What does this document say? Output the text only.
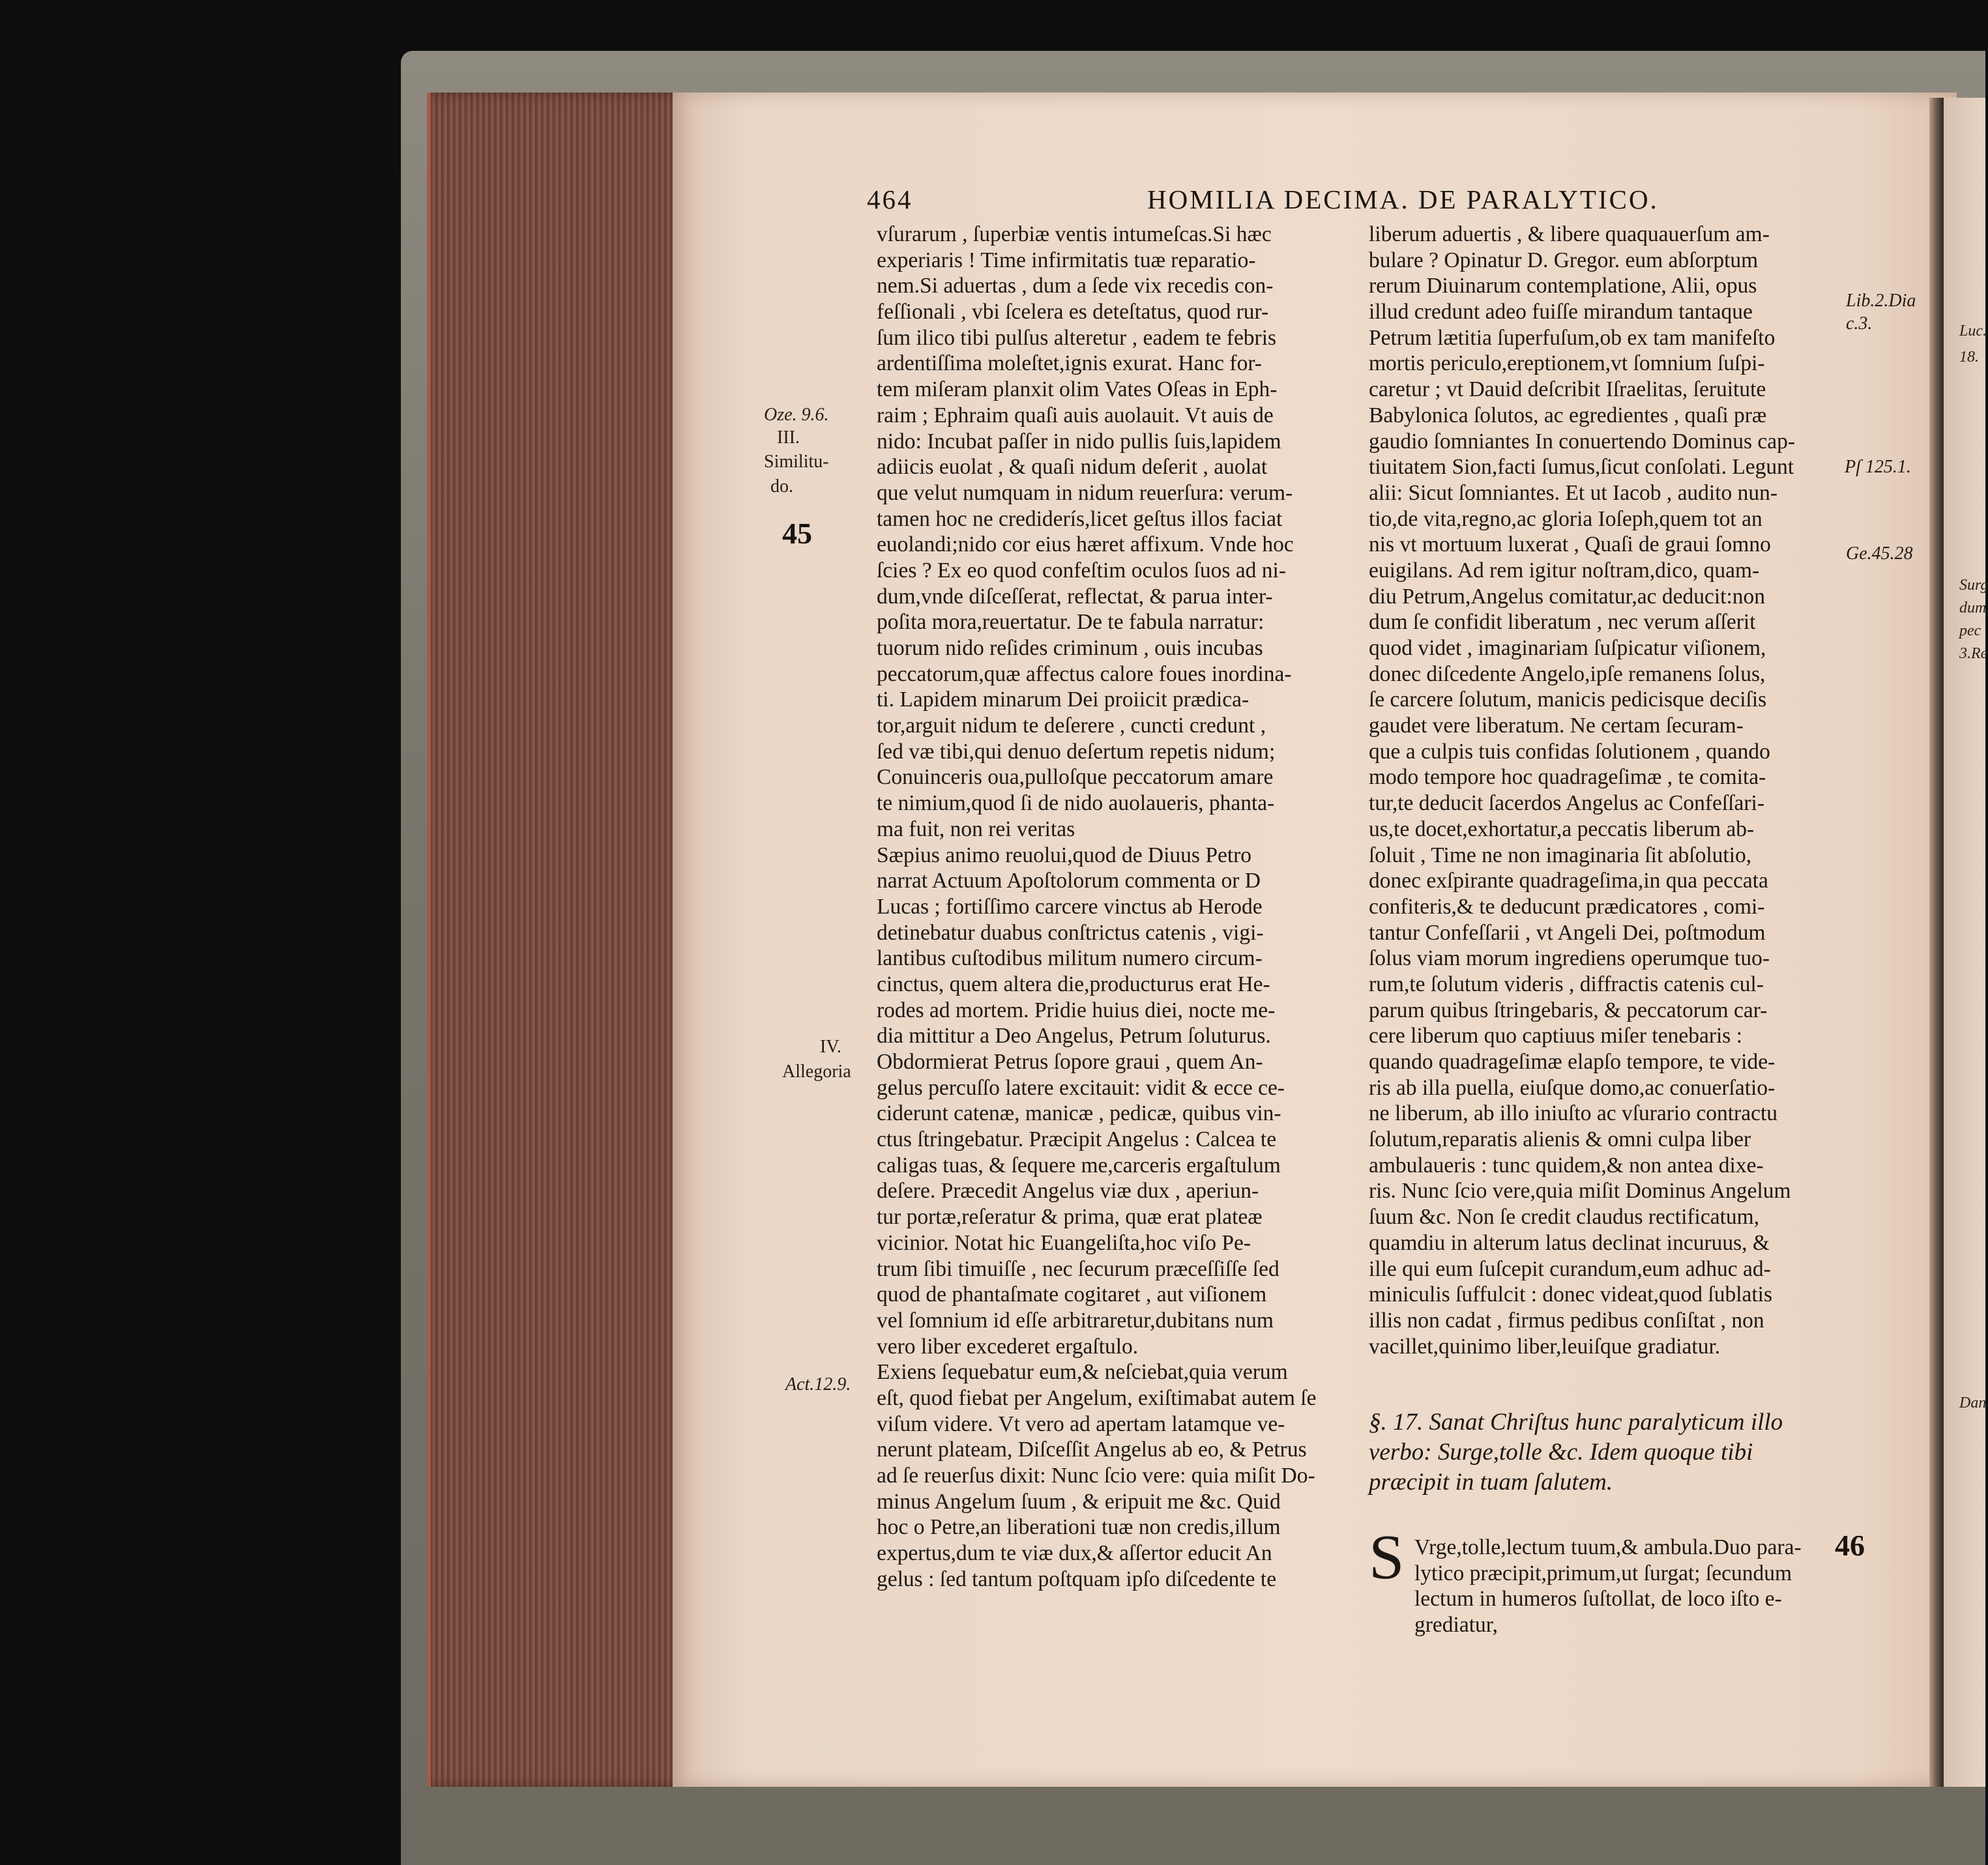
Luc.
18.
Surg
dum
pec
3.Re
Dan
464	HOMILIA DECIMA. DE PARALYTICO.
vſurarum , ſuperbiæ ventis intumeſcas.Si hæc
experiaris ! Time infirmitatis tuæ reparatio-
nem.Si aduertas , dum a ſede vix recedis con-
feſſionali , vbi ſcelera es deteſtatus, quod rur-
ſum ilico tibi pulſus alteretur , eadem te febris
ardentiſſima moleſtet,ignis exurat. Hanc for-
tem miſeram planxit olim Vates Oſeas in Eph-
raim ; Ephraim quaſi auis auolauit. Vt auis de
nido: Incubat paſſer in nido pullis ſuis,lapidem
adiicis euolat , & quaſi nidum deſerit , auolat
que velut numquam in nidum reuerſura: verum-
tamen hoc ne crediderís,licet geſtus illos faciat
euolandi;nido cor eius hæret affixum. Vnde hoc
ſcies ? Ex eo quod confeſtim oculos ſuos ad ni-
dum,vnde diſceſſerat, reflectat, & parua inter-
poſita mora,reuertatur. De te fabula narratur:
tuorum nido reſides criminum , ouis incubas
peccatorum,quæ affectus calore foues inordina-
ti. Lapidem minarum Dei proiicit prædica-
tor,arguit nidum te deſerere , cuncti credunt ,
ſed væ tibi,qui denuo deſertum repetis nidum;
Conuinceris oua,pulloſque peccatorum amare
te nimium,quod ſi de nido auolaueris, phanta-
ma fuit, non rei veritas
Sæpius animo reuolui,quod de Diuus Petro
narrat Actuum Apoſtolorum commenta or D
Lucas ; fortiſſimo carcere vinctus ab Herode
detinebatur duabus conſtrictus catenis , vigi-
lantibus cuſtodibus militum numero circum-
cinctus, quem altera die,producturus erat He-
rodes ad mortem. Pridie huius diei, nocte me-
dia mittitur a Deo Angelus, Petrum ſoluturus.
Obdormierat Petrus ſopore graui , quem An-
gelus percuſſo latere excitauit: vidit & ecce ce-
ciderunt catenæ, manicæ , pedicæ, quibus vin-
ctus ſtringebatur. Præcipit Angelus : Calcea te
caligas tuas, & ſequere me,carceris ergaſtulum
deſere. Præcedit Angelus viæ dux , aperiun-
tur portæ,reſeratur & prima, quæ erat plateæ
vicinior. Notat hic Euangeliſta,hoc viſo Pe-
trum ſibi timuiſſe , nec ſecurum præceſſiſſe ſed
quod de phantaſmate cogitaret , aut viſionem
vel ſomnium id eſſe arbitraretur,dubitans num
vero liber excederet ergaſtulo.
Exiens ſequebatur eum,& neſciebat,quia verum
eſt, quod fiebat per Angelum, exiſtimabat autem ſe
viſum videre. Vt vero ad apertam latamque ve-
nerunt plateam, Diſceſſit Angelus ab eo, & Petrus
ad ſe reuerſus dixit: Nunc ſcio vere: quia miſit Do-
minus Angelum ſuum , & eripuit me &c. Quid
hoc o Petre,an liberationi tuæ non credis,illum
expertus,dum te viæ dux,& aſſertor educit An
gelus : ſed tantum poſtquam ipſo diſcedente te
liberum aduertis , & libere quaquauerſum am-
bulare ? Opinatur D. Gregor. eum abſorptum
rerum Diuinarum contemplatione, Alii, opus
illud credunt adeo fuiſſe mirandum tantaque
Petrum lætitia ſuperfuſum,ob ex tam manifeſto
mortis periculo,ereptionem,vt ſomnium ſuſpi-
caretur ; vt Dauid deſcribit Iſraelitas, ſeruitute
Babylonica ſolutos, ac egredientes , quaſi præ
gaudio ſomniantes In conuertendo Dominus cap-
tiuitatem Sion,facti ſumus,ſicut conſolati. Legunt
alii: Sicut ſomniantes. Et ut Iacob , audito nun-
tio,de vita,regno,ac gloria Ioſeph,quem tot an
nis vt mortuum luxerat , Quaſi de graui ſomno
euigilans. Ad rem igitur noſtram,dico, quam-
diu Petrum,Angelus comitatur,ac deducit:non
dum ſe confidit liberatum , nec verum aſſerit
quod videt , imaginariam ſuſpicatur viſionem,
donec diſcedente Angelo,ipſe remanens ſolus,
ſe carcere ſolutum, manicis pedicisque deciſis
gaudet vere liberatum. Ne certam ſecuram-
que a culpis tuis confidas ſolutionem , quando
modo tempore hoc quadrageſimæ , te comita-
tur,te deducit ſacerdos Angelus ac Confeſſari-
us,te docet,exhortatur,a peccatis liberum ab-
ſoluit , Time ne non imaginaria ſit abſolutio,
donec exſpirante quadrageſima,in qua peccata
confiteris,& te deducunt prædicatores , comi-
tantur Confeſſarii , vt Angeli Dei, poſtmodum
ſolus viam morum ingrediens operumque tuo-
rum,te ſolutum videris , diffractis catenis cul-
parum quibus ſtringebaris, & peccatorum car-
cere liberum quo captiuus miſer tenebaris :
quando quadrageſimæ elapſo tempore, te vide-
ris ab illa puella, eiuſque domo,ac conuerſatio-
ne liberum, ab illo iniuſto ac vſurario contractu
ſolutum,reparatis alienis & omni culpa liber
ambulaueris : tunc quidem,& non antea dixe-
ris. Nunc ſcio vere,quia miſit Dominus Angelum
ſuum &c. Non ſe credit claudus rectificatum,
quamdiu in alterum latus declinat incuruus, &
ille qui eum ſuſcepit curandum,eum adhuc ad-
miniculis ſuffulcit : donec videat,quod ſublatis
illis non cadat , firmus pedibus conſiſtat , non
vacillet,quinimo liber,leuiſque gradiatur.
Oze. 9.6.
III.
Similitu-
do.
IV.
Allegoria
Act.12.9.
Lib.2.Dia
c.3.
Pſ 125.1.
Ge.45.28
45
46
§. 17. Sanat Chriſtus hunc paralyticum illo
verbo: Surge,tolle &c. Idem quoque tibi
præcipit in tuam ſalutem.
S Vrge,tolle,lectum tuum,& ambula.Duo para-
lytico præcipit,primum,ut ſurgat; ſecundum
lectum in humeros ſuſtollat, de loco iſto e-
grediatur,
